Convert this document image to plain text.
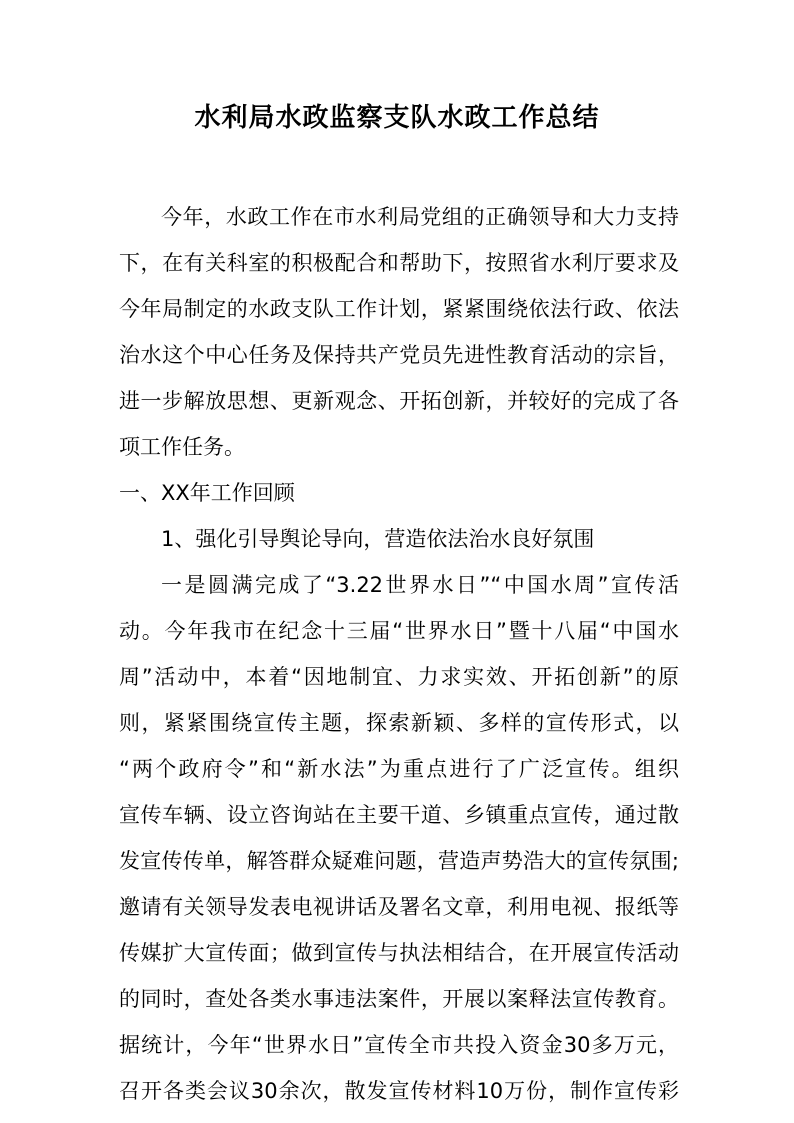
水利局水政监察支队水政工作总结
今年，水政工作在市水利局党组的正确领导和大力支持
下，在有关科室的积极配合和帮助下，按照省水利厅要求及
今年局制定的水政支队工作计划，紧紧围绕依法行政、依法
治水这个中心任务及保持共产党员先进性教育活动的宗旨，
进一步解放思想、更新观念、开拓创新，并较好的完成了各
项工作任务。
一、XX年工作回顾
1、强化引导舆论导向，营造依法治水良好氛围
一是圆满完成了“3.22世界水日”“中国水周”宣传活
动。今年我市在纪念十三届“世界水日”暨十八届“中国水
周”活动中，本着“因地制宜、力求实效、开拓创新”的原
则，紧紧围绕宣传主题，探索新颖、多样的宣传形式，以
“两个政府令”和“新水法”为重点进行了广泛宣传。组织
宣传车辆、设立咨询站在主要干道、乡镇重点宣传，通过散
发宣传传单，解答群众疑难问题，营造声势浩大的宣传氛围;
邀请有关领导发表电视讲话及署名文章，利用电视、报纸等
传媒扩大宣传面；做到宣传与执法相结合，在开展宣传活动
的同时，查处各类水事违法案件，开展以案释法宣传教育。
据统计，今年“世界水日”宣传全市共投入资金30多万元，
召开各类会议30余次，散发宣传材料10万份，制作宣传彩
